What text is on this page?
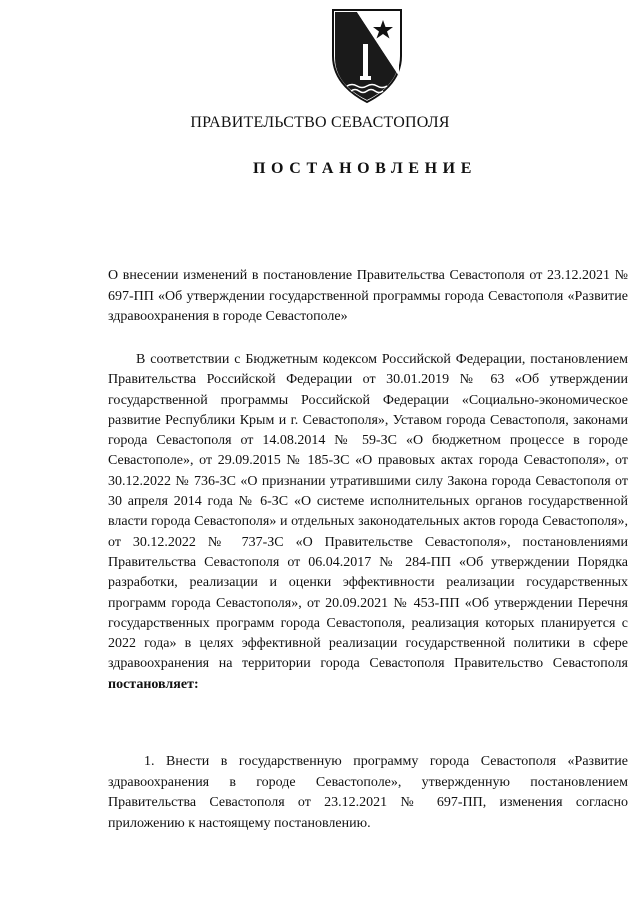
ПРАВИТЕЛЬСТВО СЕВАСТОПОЛЯ
ПОСТАНОВЛЕНИЕ

О внесении изменений в постановление Правительства Севастополя от 23.12.2021 № 697-ПП «Об утверждении государственной программы города Севастополя «Развитие здравоохранения в городе Севастополе»

В соответствии с Бюджетным кодексом Российской Федерации, постановлением Правительства Российской Федерации от 30.01.2019 № 63 «Об утверждении государственной программы Российской Федерации «Социально-экономическое развитие Республики Крым и г. Севастополя», Уставом города Севастополя, законами города Севастополя от 14.08.2014 № 59-ЗС «О бюджетном процессе в городе Севастополе», от 29.09.2015 № 185-ЗС «О правовых актах города Севастополя», от 30.12.2022 № 736-ЗС «О признании утратившими силу Закона города Севастополя от 30 апреля 2014 года № 6-ЗС «О системе исполнительных органов государственной власти города Севастополя» и отдельных законодательных актов города Севастополя», от 30.12.2022 № 737-ЗС «О Правительстве Севастополя», постановлениями Правительства Севастополя от 06.04.2017 № 284-ПП «Об утверждении Порядка разработки, реализации и оценки эффективности реализации государственных программ города Севастополя», от 20.09.2021 № 453-ПП «Об утверждении Перечня государственных программ города Севастополя, реализация которых планируется с 2022 года» в целях эффективной реализации государственной политики в сфере здравоохранения на территории города Севастополя Правительство Севастополя постановляет:

1. Внести в государственную программу города Севастополя «Развитие здравоохранения в городе Севастополе», утвержденную постановлением Правительства Севастополя от 23.12.2021 № 697-ПП, изменения согласно приложению к настоящему постановлению.
